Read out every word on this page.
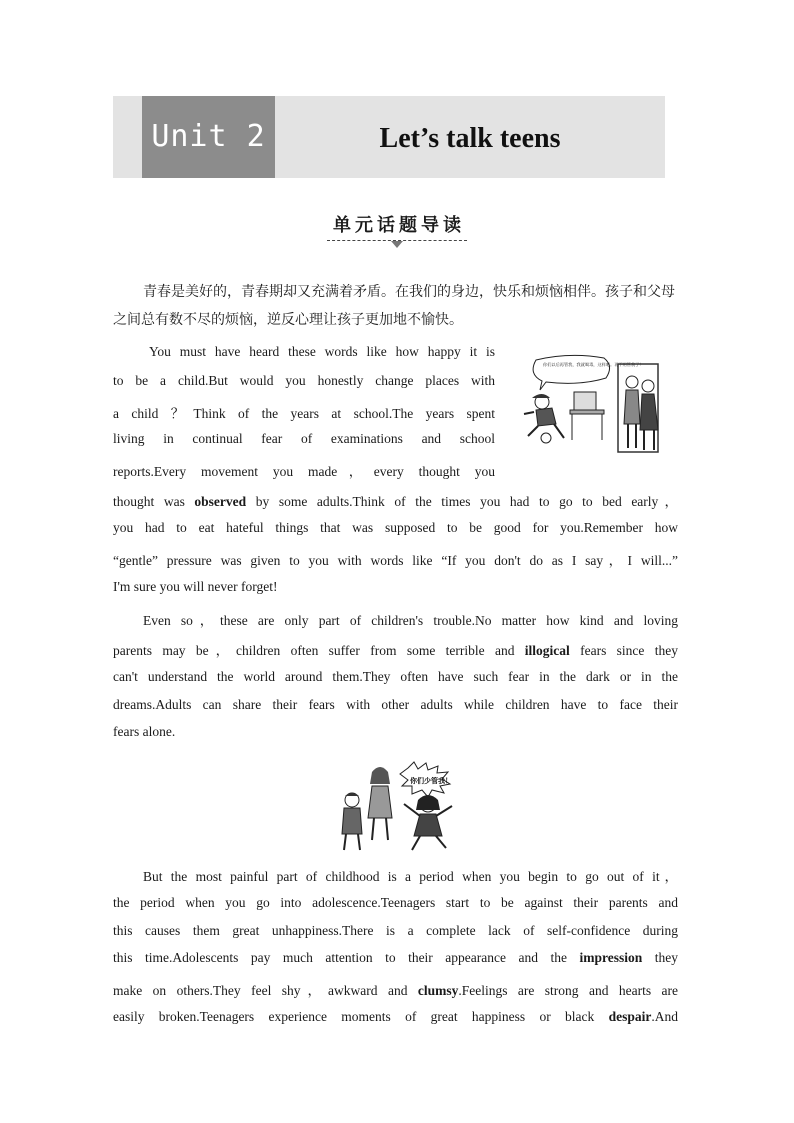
Unit 2	Let’s talk teens
单元话题导读
青春是美好的，青春期却又充满着矛盾。在我们的身边，快乐和烦恼相伴。孩子和父母之间总有数不尽的烦恼，逆反心理让孩子更加地不愉快。
You must have heard these words like how happy it is
to be a child.But would you honestly change places with
a child ？Think of the years at school.The years spent
living in continual fear of examinations and school
reports.Every movement you made，every thought you
thought was observed by some adults.Think of the times you had to go to bed early，
you had to eat hateful things that was supposed to be good for you.Remember how
“gentle” pressure was given to you with words like “If you don't do as I say，I will...”
I'm sure you will never forget!
Even so，these are only part of children's trouble.No matter how kind and loving
parents may be，children often suffer from some terrible and illogical fears since they
can't understand the world around them.They often have such fear in the dark or in the
dreams.Adults can share their fears with other adults while children have to face their
fears alone.
But the most painful part of childhood is a period when you begin to go out of it，
the period when you go into adolescence.Teenagers start to be against their parents and
this causes them great unhappiness.There is a complete lack of self-confidence during
this time.Adolescents pay much attention to their appearance and the impression they
make on others.They feel shy，awkward and clumsy.Feelings are strong and hearts are
easily broken.Teenagers experience moments of great happiness or black despair.And
你们以后再管我，我就喝毒，这样吧。再不用管我了！
你们少管我！
